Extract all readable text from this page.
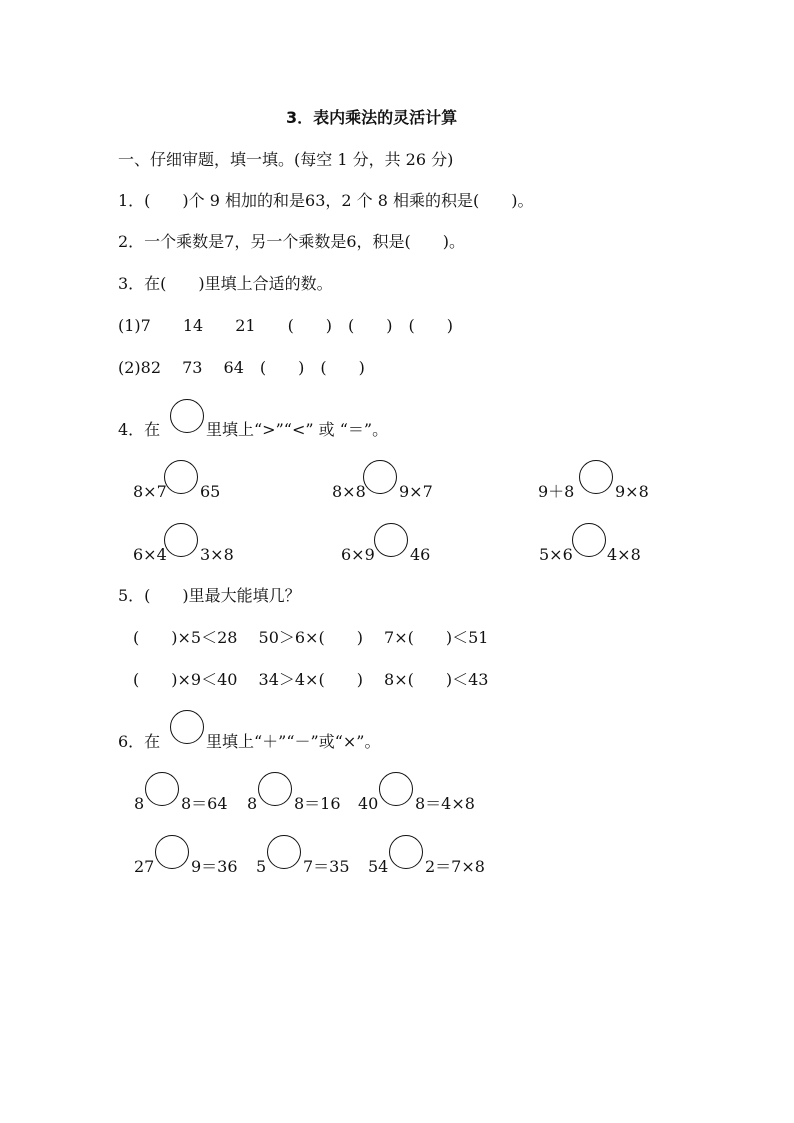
3．表内乘法的灵活计算
一、仔细审题，填一填。(每空 1 分，共 26 分)
1．(　　)个 9 相加的和是63，2 个 8 相乘的积是(　　)。
2．一个乘数是7，另一个乘数是6，积是(　　)。
3．在(　　)里填上合适的数。
(1)7　　14　　21　　(　　)　(　　)　(　　)
(2)82　 73　 64　(　　)　(　　)
4．在	里填上“>”“<” 或 “＝”。
8×7 65	8×8 9×7	9＋8	9×8
6×4 3×8	6×9 46	5×6 4×8
5．(　　)里最大能填几？
(　　)×5＜28　 50＞6×(　　)　 7×(　　)＜51
(　　)×9＜40　 34＞4×(　　)　 8×(　　)＜43
6．在	里填上“＋”“－”或“×”。
8 8＝64 8 8＝16 40 8＝4×8
27 9＝36 5 7＝35 54 2＝7×8
